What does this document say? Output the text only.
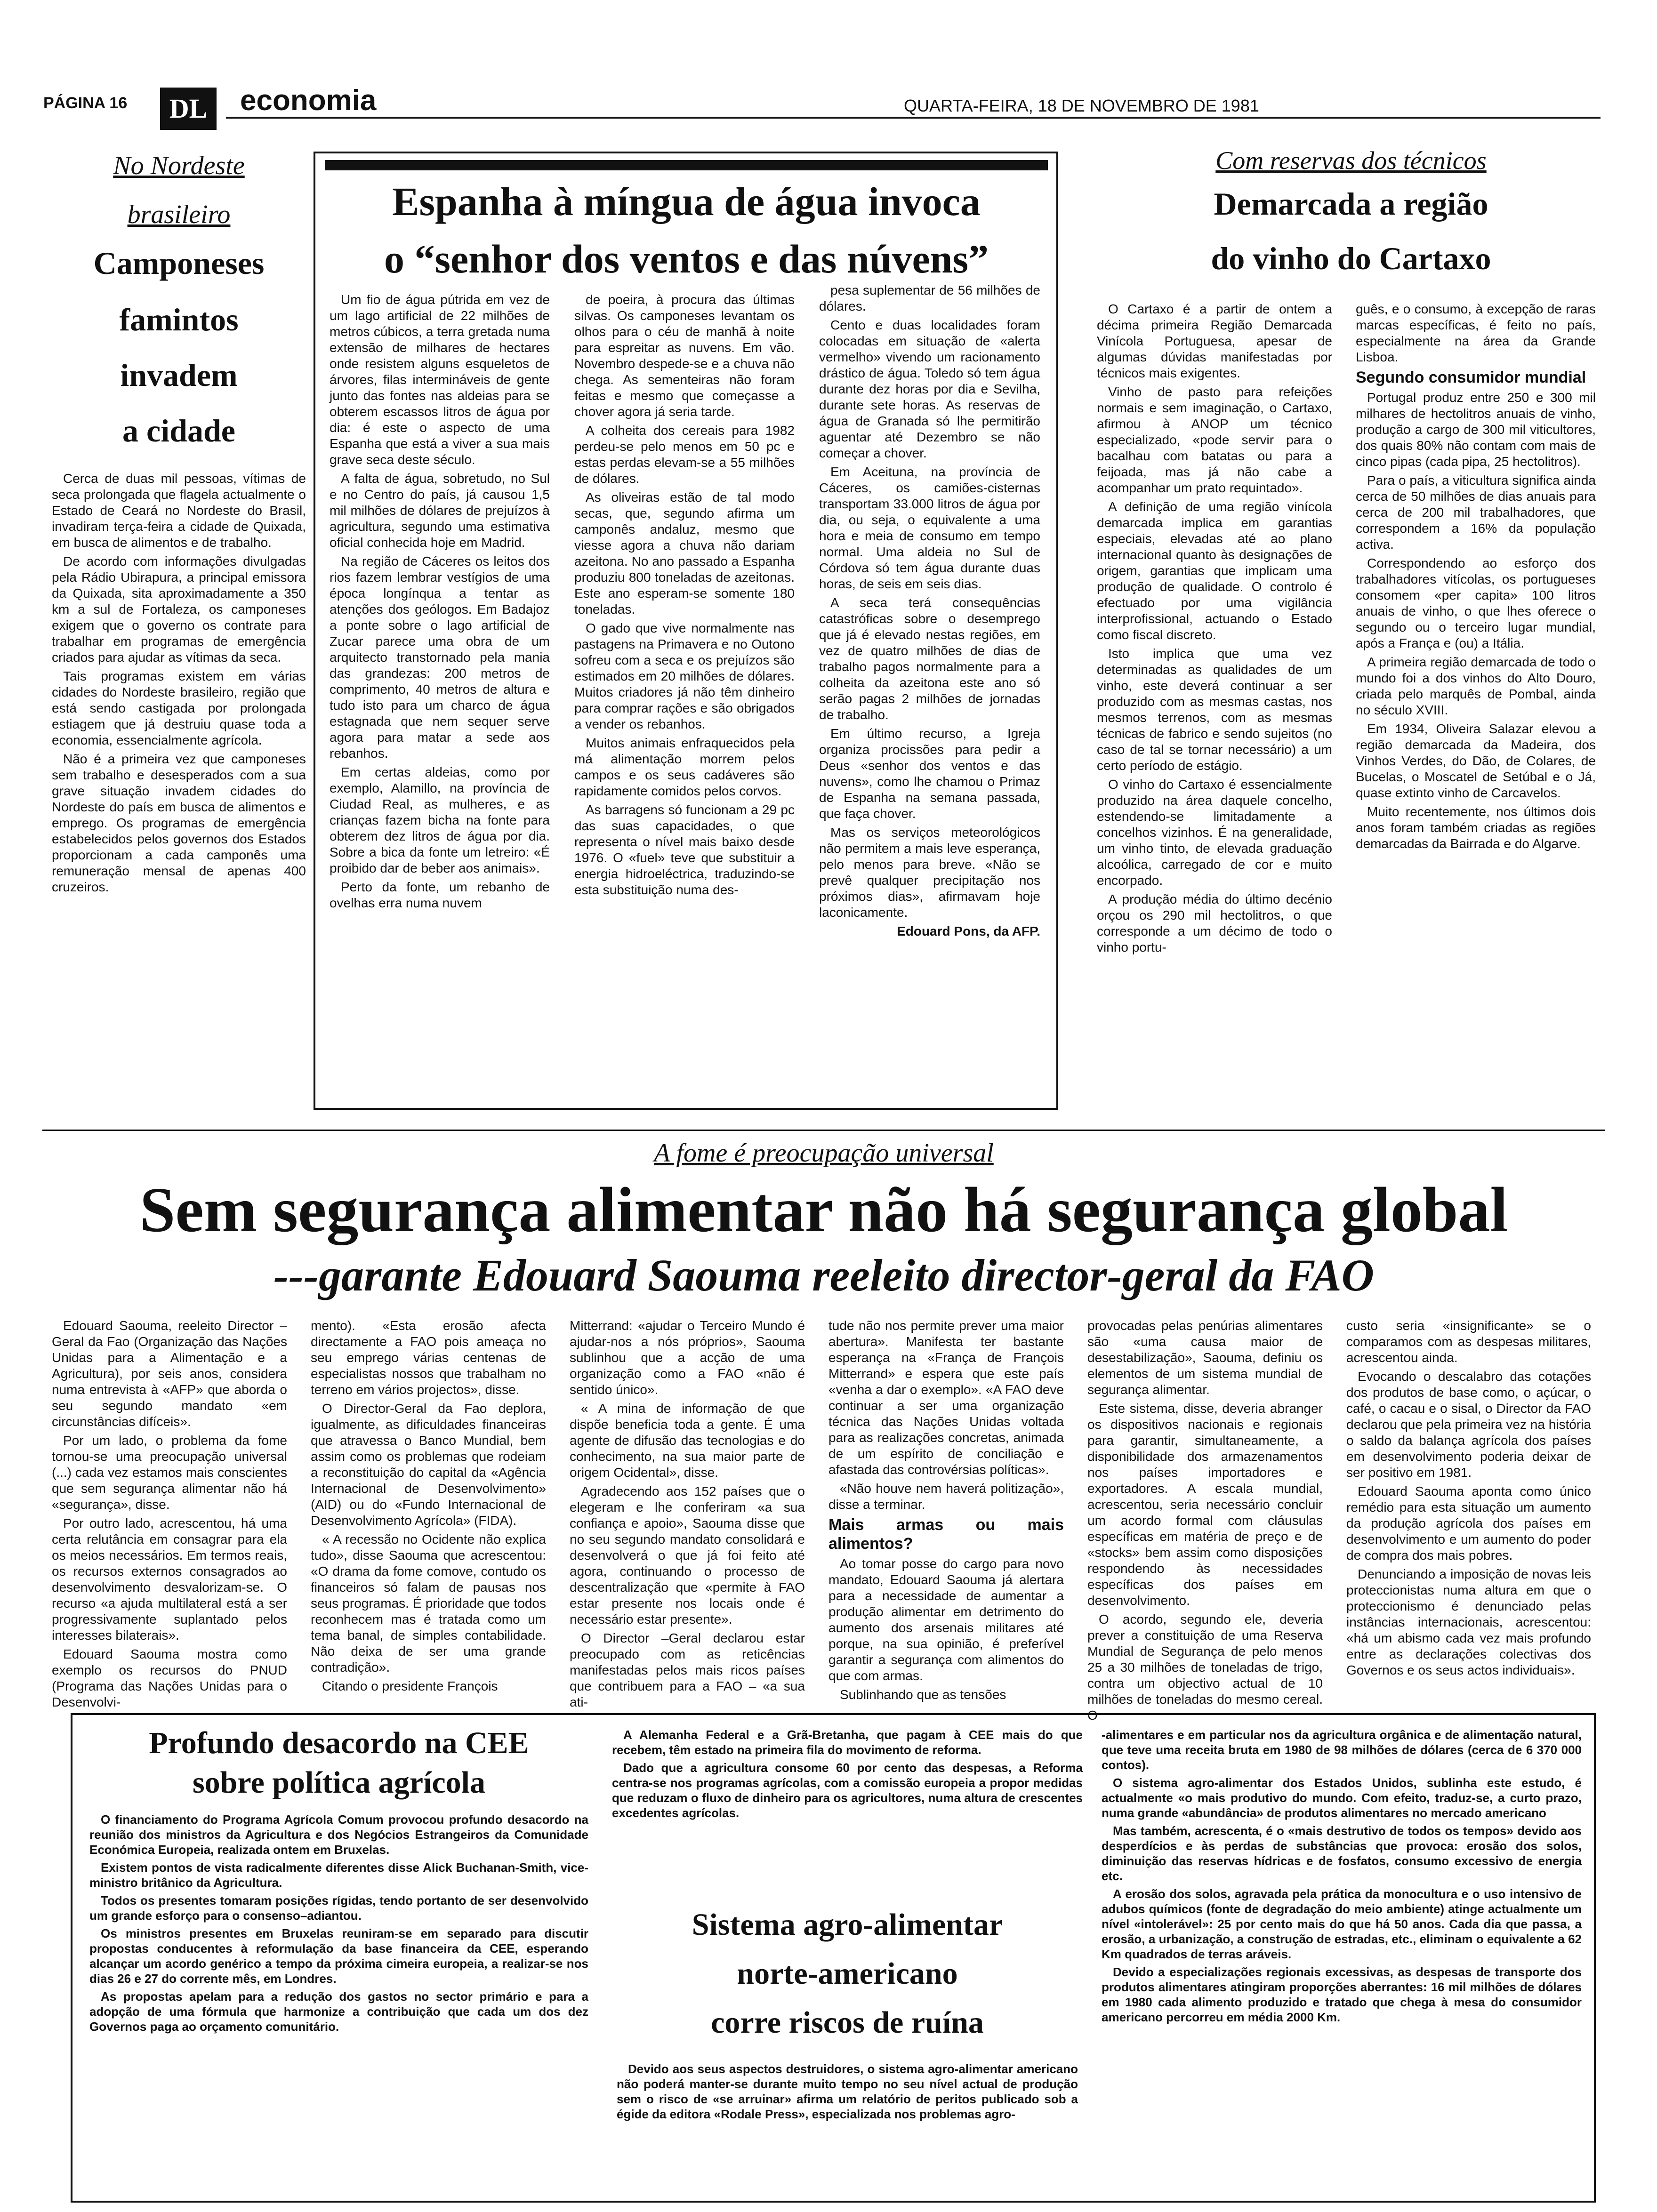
PÁGINA 16	DL	economia	QUARTA-FEIRA, 18 DE NOVEMBRO DE 1981
No Nordeste
brasileiro
Camponeses
famintos
invadem
a cidade

Cerca de duas mil pessoas, vítimas de seca prolongada que flagela actualmente o Estado de Ceará no Nordeste do Brasil, invadiram terça-feira a cidade de Quixada, em busca de alimentos e de trabalho.

De acordo com informações divulgadas pela Rádio Ubirapura, a principal emissora da Quixada, sita aproximadamente a 350 km a sul de Fortaleza, os camponeses exigem que o governo os contrate para trabalhar em programas de emergência criados para ajudar as vítimas da seca.

Tais programas existem em várias cidades do Nordeste brasileiro, região que está sendo castigada por prolongada estiagem que já destruiu quase toda a economia, essencialmente agrícola.

Não é a primeira vez que camponeses sem trabalho e desesperados com a sua grave situação invadem cidades do Nordeste do país em busca de alimentos e emprego. Os programas de emergência estabelecidos pelos governos dos Estados proporcionam a cada camponês uma remuneração mensal de apenas 400 cruzeiros.

Espanha à míngua de água invoca
o “senhor dos ventos e das núvens”

Um fio de água pútrida em vez de um lago artificial de 22 milhões de metros cúbicos, a terra gretada numa extensão de milhares de hectares onde resistem alguns esqueletos de árvores, filas intermináveis de gente junto das fontes nas aldeias para se obterem escassos litros de água por dia: é este o aspecto de uma Espanha que está a viver a sua mais grave seca deste século.

A falta de água, sobretudo, no Sul e no Centro do país, já causou 1,5 mil milhões de dólares de prejuízos à agricultura, segundo uma estimativa oficial conhecida hoje em Madrid.

Na região de Cáceres os leitos dos rios fazem lembrar vestígios de uma época longínqua a tentar as atenções dos geólogos. Em Badajoz a ponte sobre o lago artificial de Zucar parece uma obra de um arquitecto transtornado pela mania das grandezas: 200 metros de comprimento, 40 metros de altura e tudo isto para um charco de água estagnada que nem sequer serve agora para matar a sede aos rebanhos.

Em certas aldeias, como por exemplo, Alamillo, na província de Ciudad Real, as mulheres, e as crianças fazem bicha na fonte para obterem dez litros de água por dia. Sobre a bica da fonte um letreiro: «É proibido dar de beber aos animais».

Perto da fonte, um rebanho de ovelhas erra numa nuvem

de poeira, à procura das últimas silvas. Os camponeses levantam os olhos para o céu de manhã à noite para espreitar as nuvens. Em vão. Novembro despede-se e a chuva não chega. As sementeiras não foram feitas e mesmo que começasse a chover agora já seria tarde.

A colheita dos cereais para 1982 perdeu-se pelo menos em 50 pc e estas perdas elevam-se a 55 milhões de dólares.

As oliveiras estão de tal modo secas, que, segundo afirma um camponês andaluz, mesmo que viesse agora a chuva não dariam azeitona. No ano passado a Espanha produziu 800 toneladas de azeitonas. Este ano esperam-se somente 180 toneladas.

O gado que vive normalmente nas pastagens na Primavera e no Outono sofreu com a seca e os prejuízos são estimados em 20 milhões de dólares. Muitos criadores já não têm dinheiro para comprar rações e são obrigados a vender os rebanhos.

Muitos animais enfraquecidos pela má alimentação morrem pelos campos e os seus cadáveres são rapidamente comidos pelos corvos.

As barragens só funcionam a 29 pc das suas capacidades, o que representa o nível mais baixo desde 1976. O «fuel» teve que substituir a energia hidroeléctrica, traduzindo-se esta substituição numa des-

pesa suplementar de 56 milhões de dólares.

Cento e duas localidades foram colocadas em situação de «alerta vermelho» vivendo um racionamento drástico de água. Toledo só tem água durante dez horas por dia e Sevilha, durante sete horas. As reservas de água de Granada só lhe permitirão aguentar até Dezembro se não começar a chover.

Em Aceituna, na província de Cáceres, os camiões-cisternas transportam 33.000 litros de água por dia, ou seja, o equivalente a uma hora e meia de consumo em tempo normal. Uma aldeia no Sul de Córdova só tem água durante duas horas, de seis em seis dias.

A seca terá consequências catastróficas sobre o desemprego que já é elevado nestas regiões, em vez de quatro milhões de dias de trabalho pagos normalmente para a colheita da azeitona este ano só serão pagas 2 milhões de jornadas de trabalho.

Em último recurso, a Igreja organiza procissões para pedir a Deus «senhor dos ventos e das nuvens», como lhe chamou o Primaz de Espanha na semana passada, que faça chover.

Mas os serviços meteorológicos não permitem a mais leve esperança, pelo menos para breve. «Não se prevê qualquer precipitação nos próximos dias», afirmavam hoje laconicamente.

Edouard Pons, da AFP.

Com reservas dos técnicos
Demarcada a região
do vinho do Cartaxo

O Cartaxo é a partir de ontem a décima primeira Região Demarcada Vinícola Portuguesa, apesar de algumas dúvidas manifestadas por técnicos mais exigentes.

Vinho de pasto para refeições normais e sem imaginação, o Cartaxo, afirmou à ANOP um técnico especializado, «pode servir para o bacalhau com batatas ou para a feijoada, mas já não cabe a acompanhar um prato requintado».

A definição de uma região vinícola demarcada implica em garantias especiais, elevadas até ao plano internacional quanto às designações de origem, garantias que implicam uma produção de qualidade. O controlo é efectuado por uma vigilância interprofissional, actuando o Estado como fiscal discreto.

Isto implica que uma vez determinadas as qualidades de um vinho, este deverá continuar a ser produzido com as mesmas castas, nos mesmos terrenos, com as mesmas técnicas de fabrico e sendo sujeitos (no caso de tal se tornar necessário) a um certo período de estágio.

O vinho do Cartaxo é essencialmente produzido na área daquele concelho, estendendo-se limitadamente a concelhos vizinhos. É na generalidade, um vinho tinto, de elevada graduação alcoólica, carregado de cor e muito encorpado.

A produção média do último decénio orçou os 290 mil hectolitros, o que corresponde a um décimo de todo o vinho portu-

guês, e o consumo, à excepção de raras marcas específicas, é feito no país, especialmente na área da Grande Lisboa.

Segundo consumidor mundial

Portugal produz entre 250 e 300 mil milhares de hectolitros anuais de vinho, produção a cargo de 300 mil viticultores, dos quais 80% não contam com mais de cinco pipas (cada pipa, 25 hectolitros).

Para o país, a viticultura significa ainda cerca de 50 milhões de dias anuais para cerca de 200 mil trabalhadores, que correspondem a 16% da população activa.

Correspondendo ao esforço dos trabalhadores vitícolas, os portugueses consomem «per capita» 100 litros anuais de vinho, o que lhes oferece o segundo ou o terceiro lugar mundial, após a França e (ou) a Itália.

A primeira região demarcada de todo o mundo foi a dos vinhos do Alto Douro, criada pelo marquês de Pombal, ainda no século XVIII.

Em 1934, Oliveira Salazar elevou a região demarcada da Madeira, dos Vinhos Verdes, do Dão, de Colares, de Bucelas, o Moscatel de Setúbal e o Já, quase extinto vinho de Carcavelos.

Muito recentemente, nos últimos dois anos foram também criadas as regiões demarcadas da Bairrada e do Algarve.

A fome é preocupação universal
Sem segurança alimentar não há segurança global
---garante Edouard Saouma reeleito director-geral da FAO

Edouard Saouma, reeleito Director – Geral da Fao (Organização das Nações Unidas para a Alimentação e a Agricultura), por seis anos, considera numa entrevista à «AFP» que aborda o seu segundo mandato «em circunstâncias difíceis».

Por um lado, o problema da fome tornou-se uma preocupação universal (...) cada vez estamos mais conscientes que sem segurança alimentar não há «segurança», disse.

Por outro lado, acrescentou, há uma certa relutância em consagrar para ela os meios necessários. Em termos reais, os recursos externos consagrados ao desenvolvimento desvalorizam-se. O recurso «a ajuda multilateral está a ser progressivamente suplantado pelos interesses bilaterais».

Edouard Saouma mostra como exemplo os recursos do PNUD (Programa das Nações Unidas para o Desenvolvi-

mento). «Esta erosão afecta directamente a FAO pois ameaça no seu emprego várias centenas de especialistas nossos que trabalham no terreno em vários projectos», disse.

O Director-Geral da Fao deplora, igualmente, as dificuldades financeiras que atravessa o Banco Mundial, bem assim como os problemas que rodeiam a reconstituição do capital da «Agência Internacional de Desenvolvimento» (AID) ou do «Fundo Internacional de Desenvolvimento Agrícola» (FIDA).

« A recessão no Ocidente não explica tudo», disse Saouma que acrescentou: «O drama da fome comove, contudo os financeiros só falam de pausas nos seus programas. É prioridade que todos reconhecem mas é tratada como um tema banal, de simples contabilidade. Não deixa de ser uma grande contradição».

Citando o presidente François

Mitterrand: «ajudar o Terceiro Mundo é ajudar-nos a nós próprios», Saouma sublinhou que a acção de uma organização como a FAO «não é sentido único».

« A mina de informação de que dispõe beneficia toda a gente. É uma agente de difusão das tecnologias e do conhecimento, na sua maior parte de origem Ocidental», disse.

Agradecendo aos 152 países que o elegeram e lhe conferiram «a sua confiança e apoio», Saouma disse que no seu segundo mandato consolidará e desenvolverá o que já foi feito até agora, continuando o processo de descentralização que «permite à FAO estar presente nos locais onde é necessário estar presente».

O Director –Geral declarou estar preocupado com as reticências manifestadas pelos mais ricos países que contribuem para a FAO – «a sua ati-

tude não nos permite prever uma maior abertura». Manifesta ter bastante esperança na «França de François Mitterrand» e espera que este país «venha a dar o exemplo». «A FAO deve continuar a ser uma organização técnica das Nações Unidas voltada para as realizações concretas, animada de um espírito de conciliação e afastada das controvérsias políticas».

«Não houve nem haverá politização», disse a terminar.

Mais armas ou mais alimentos?

Ao tomar posse do cargo para novo mandato, Edouard Saouma já alertara para a necessidade de aumentar a produção alimentar em detrimento do aumento dos arsenais militares até porque, na sua opinião, é preferível garantir a segurança com alimentos do que com armas.

Sublinhando que as tensões

provocadas pelas penúrias alimentares são «uma causa maior de desestabilização», Saouma, definiu os elementos de um sistema mundial de segurança alimentar.

Este sistema, disse, deveria abranger os dispositivos nacionais e regionais para garantir, simultaneamente, a disponibilidade dos armazenamentos nos países importadores e exportadores. A escala mundial, acrescentou, seria necessário concluir um acordo formal com cláusulas específicas em matéria de preço e de «stocks» bem assim como disposições respondendo às necessidades específicas dos países em desenvolvimento.

O acordo, segundo ele, deveria prever a constituição de uma Reserva Mundial de Segurança de pelo menos 25 a 30 milhões de toneladas de trigo, contra um objectivo actual de 10 milhões de toneladas do mesmo cereal. O

custo seria «insignificante» se o comparamos com as despesas militares, acrescentou ainda.

Evocando o descalabro das cotações dos produtos de base como, o açúcar, o café, o cacau e o sisal, o Director da FAO declarou que pela primeira vez na história o saldo da balança agrícola dos países em desenvolvimento poderia deixar de ser positivo em 1981.

Edouard Saouma aponta como único remédio para esta situação um aumento da produção agrícola dos países em desenvolvimento e um aumento do poder de compra dos mais pobres.

Denunciando a imposição de novas leis proteccionistas numa altura em que o proteccionismo é denunciado pelas instâncias internacionais, acrescentou: «há um abismo cada vez mais profundo entre as declarações colectivas dos Governos e os seus actos individuais».

Profundo desacordo na CEE
sobre política agrícola

O financiamento do Programa Agrícola Comum provocou profundo desacordo na reunião dos ministros da Agricultura e dos Negócios Estrangeiros da Comunidade Económica Europeia, realizada ontem em Bruxelas.

Existem pontos de vista radicalmente diferentes disse Alick Buchanan-Smith, vice-ministro britânico da Agricultura.

Todos os presentes tomaram posições rígidas, tendo portanto de ser desenvolvido um grande esforço para o consenso–adiantou.

Os ministros presentes em Bruxelas reuniram-se em separado para discutir propostas conducentes à reformulação da base financeira da CEE, esperando alcançar um acordo genérico a tempo da próxima cimeira europeia, a realizar-se nos dias 26 e 27 do corrente mês, em Londres.

As propostas apelam para a redução dos gastos no sector primário e para a adopção de uma fórmula que harmonize a contribuição que cada um dos dez Governos paga ao orçamento comunitário.

A Alemanha Federal e a Grã-Bretanha, que pagam à CEE mais do que recebem, têm estado na primeira fila do movimento de reforma.

Dado que a agricultura consome 60 por cento das despesas, a Reforma centra-se nos programas agrícolas, com a comissão europeia a propor medidas que reduzam o fluxo de dinheiro para os agricultores, numa altura de crescentes excedentes agrícolas.

Sistema agro-alimentar
norte-americano
corre riscos de ruína

Devido aos seus aspectos destruidores, o sistema agro-alimentar americano não poderá manter-se durante muito tempo no seu nível actual de produção sem o risco de «se arruinar» afirma um relatório de peritos publicado sob a égide da editora «Rodale Press», especializada nos problemas agro-

-alimentares e em particular nos da agricultura orgânica e de alimentação natural, que teve uma receita bruta em 1980 de 98 milhões de dólares (cerca de 6 370 000 contos).

O sistema agro-alimentar dos Estados Unidos, sublinha este estudo, é actualmente «o mais produtivo do mundo. Com efeito, traduz-se, a curto prazo, numa grande «abundância» de produtos alimentares no mercado americano

Mas também, acrescenta, é o «mais destrutivo de todos os tempos» devido aos desperdícios e às perdas de substâncias que provoca: erosão dos solos, diminuição das reservas hídricas e de fosfatos, consumo excessivo de energia etc.

A erosão dos solos, agravada pela prática da monocultura e o uso intensivo de adubos químicos (fonte de degradação do meio ambiente) atinge actualmente um nível «intolerável»: 25 por cento mais do que há 50 anos. Cada dia que passa, a erosão, a urbanização, a construção de estradas, etc., eliminam o equivalente a 62 Km quadrados de terras aráveis.

Devido a especializações regionais excessivas, as despesas de transporte dos produtos alimentares atingiram proporções aberrantes: 16 mil milhões de dólares em 1980 cada alimento produzido e tratado que chega à mesa do consumidor americano percorreu em média 2000 Km.
